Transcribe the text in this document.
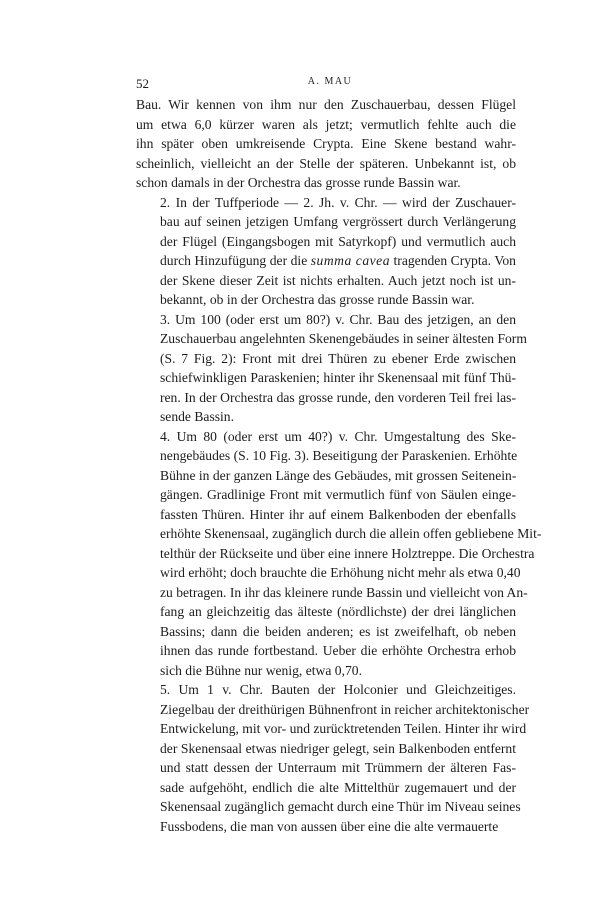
52	A. MAU

Bau. Wir kennen von ihm nur den Zuschauerbau, dessen Flügel
um etwa 6,0 kürzer waren als jetzt; vermutlich fehlte auch die
ihn später oben umkreisende Crypta. Eine Skene bestand wahr-
scheinlich, vielleicht an der Stelle der späteren. Unbekannt ist, ob
schon damals in der Orchestra das grosse runde Bassin war.

2. In der Tuffperiode — 2. Jh. v. Chr. — wird der Zuschauer-
bau auf seinen jetzigen Umfang vergrössert durch Verlängerung
der Flügel (Eingangsbogen mit Satyrkopf) und vermutlich auch
durch Hinzufügung der die summa cavea tragenden Crypta. Von
der Skene dieser Zeit ist nichts erhalten. Auch jetzt noch ist un-
bekannt, ob in der Orchestra das grosse runde Bassin war.

3. Um 100 (oder erst um 80?) v. Chr. Bau des jetzigen, an den
Zuschauerbau angelehnten Skenengebäudes in seiner ältesten Form
(S. 7 Fig. 2): Front mit drei Thüren zu ebener Erde zwischen
schiefwinkligen Paraskenien; hinter ihr Skenensaal mit fünf Thü-
ren. In der Orchestra das grosse runde, den vorderen Teil frei las-
sende Bassin.

4. Um 80 (oder erst um 40?) v. Chr. Umgestaltung des Ske-
nengebäudes (S. 10 Fig. 3). Beseitigung der Paraskenien. Erhöhte
Bühne in der ganzen Länge des Gebäudes, mit grossen Seitenein-
gängen. Gradlinige Front mit vermutlich fünf von Säulen einge-
fassten Thüren. Hinter ihr auf einem Balkenboden der ebenfalls
erhöhte Skenensaal, zugänglich durch die allein offen gebliebene Mit-
telthür der Rückseite und über eine innere Holztreppe. Die Orchestra
wird erhöht; doch brauchte die Erhöhung nicht mehr als etwa 0,40
zu betragen. In ihr das kleinere runde Bassin und vielleicht von An-
fang an gleichzeitig das älteste (nördlichste) der drei länglichen
Bassins; dann die beiden anderen; es ist zweifelhaft, ob neben
ihnen das runde fortbestand. Ueber die erhöhte Orchestra erhob
sich die Bühne nur wenig, etwa 0,70.

5. Um 1 v. Chr. Bauten der Holconier und Gleichzeitiges.
Ziegelbau der dreithürigen Bühnenfront in reicher architektonischer
Entwickelung, mit vor- und zurücktretenden Teilen. Hinter ihr wird
der Skenensaal etwas niedriger gelegt, sein Balkenboden entfernt
und statt dessen der Unterraum mit Trümmern der älteren Fas-
sade aufgehöht, endlich die alte Mittelthür zugemauert und der
Skenensaal zugänglich gemacht durch eine Thür im Niveau seines
Fussbodens, die man von aussen über eine die alte vermauerte
